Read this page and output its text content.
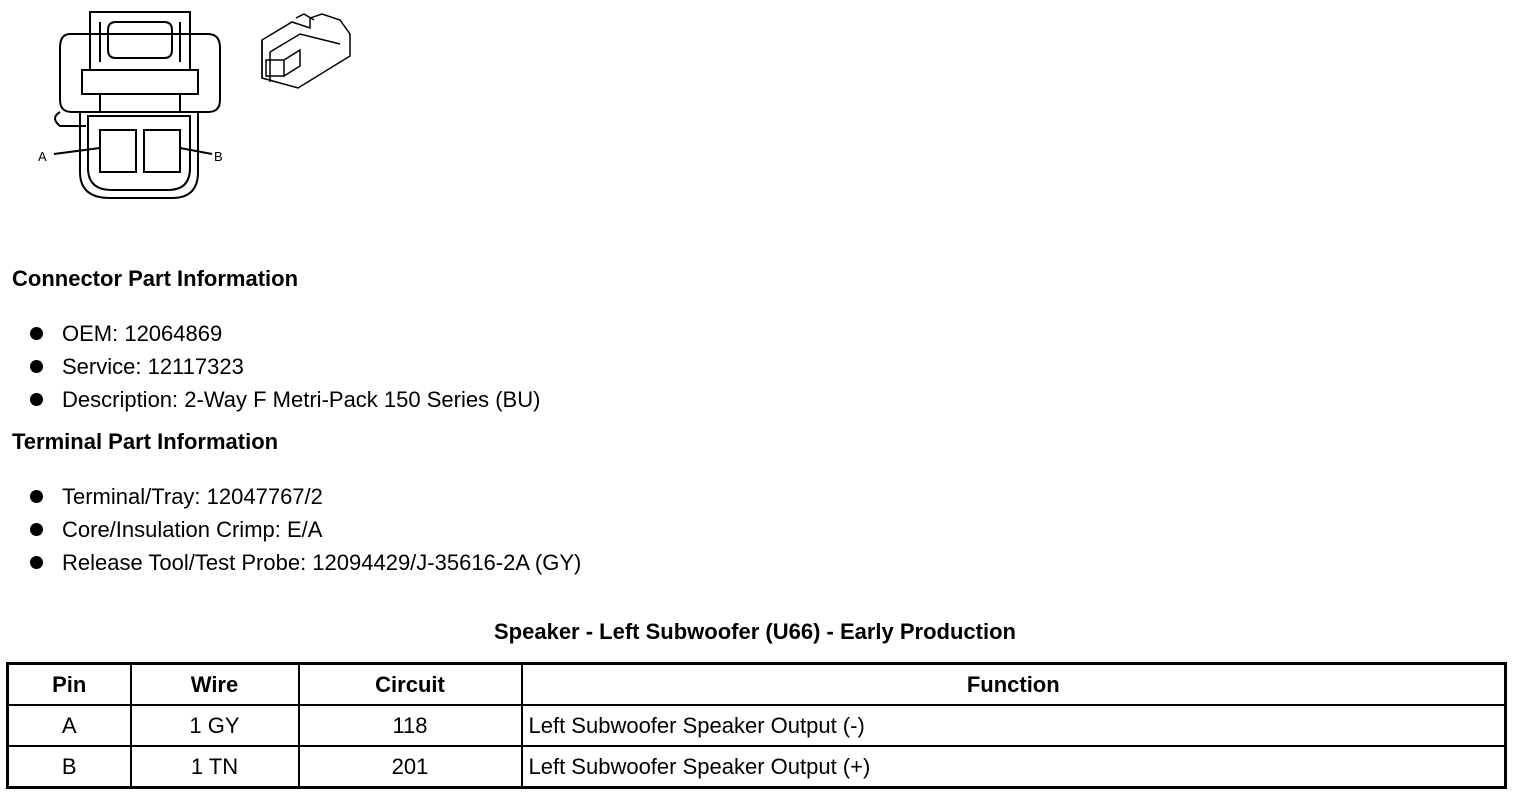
A	B
Connector Part Information
OEM: 12064869
Service: 12117323
Description: 2-Way F Metri-Pack 150 Series (BU)
Terminal Part Information
Terminal/Tray: 12047767/2
Core/Insulation Crimp: E/A
Release Tool/Test Probe: 12094429/J-35616-2A (GY)
Speaker - Left Subwoofer (U66) - Early Production
Pin	Wire	Circuit	Function
A	1 GY	118	Left Subwoofer Speaker Output (-)
B	1 TN	201	Left Subwoofer Speaker Output (+)
